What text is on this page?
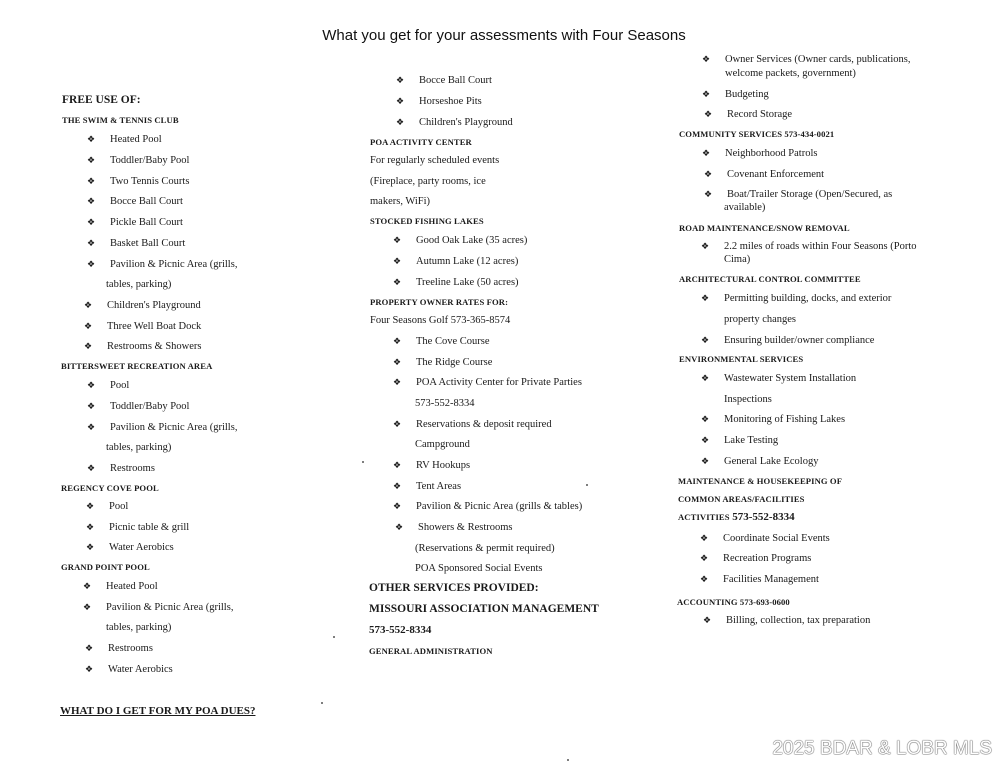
What you get for your assessments with Four Seasons
FREE USE OF:
THE SWIM & TENNIS CLUB
❖ Heated Pool
❖ Toddler/Baby Pool
❖ Two Tennis Courts
❖ Bocce Ball Court
❖ Pickle Ball Court
❖ Basket Ball Court
❖ Pavilion & Picnic Area (grills,
tables, parking)
❖ Children's Playground
❖ Three Well Boat Dock
❖ Restrooms & Showers
BITTERSWEET RECREATION AREA
❖ Pool
❖ Toddler/Baby Pool
❖ Pavilion & Picnic Area (grills,
tables, parking)
❖ Restrooms
REGENCY COVE POOL
❖ Pool
❖ Picnic table & grill
❖ Water Aerobics
GRAND POINT POOL
❖ Heated Pool
❖ Pavilion & Picnic Area (grills,
tables, parking)
❖ Restrooms
❖ Water Aerobics
WHAT DO I GET FOR MY POA DUES?
❖ Bocce Ball Court
❖ Horseshoe Pits
❖ Children's Playground
POA ACTIVITY CENTER
For regularly scheduled events
(Fireplace, party rooms, ice
makers, WiFi)
STOCKED FISHING LAKES
❖ Good Oak Lake (35 acres)
❖ Autumn Lake (12 acres)
❖ Treeline Lake (50 acres)
PROPERTY OWNER RATES FOR:
Four Seasons Golf 573-365-8574
❖ The Cove Course
❖ The Ridge Course
❖ POA Activity Center for Private Parties
573-552-8334
❖ Reservations & deposit required
Campground
❖ RV Hookups
❖ Tent Areas
❖ Pavilion & Picnic Area (grills & tables)
❖ Showers & Restrooms
(Reservations & permit required)
POA Sponsored Social Events
OTHER SERVICES PROVIDED:
MISSOURI ASSOCIATION MANAGEMENT
573-552-8334
GENERAL ADMINISTRATION
❖ Owner Services (Owner cards, publications,
welcome packets, government)
❖ Budgeting
❖ Record Storage
COMMUNITY SERVICES 573-434-0021
❖ Neighborhood Patrols
❖ Covenant Enforcement
❖ Boat/Trailer Storage (Open/Secured, as
available)
ROAD MAINTENANCE/SNOW REMOVAL
❖ 2.2 miles of roads within Four Seasons (Porto
Cima)
ARCHITECTURAL CONTROL COMMITTEE
❖ Permitting building, docks, and exterior
property changes
❖ Ensuring builder/owner compliance
ENVIRONMENTAL SERVICES
❖ Wastewater System Installation
Inspections
❖ Monitoring of Fishing Lakes
❖ Lake Testing
❖ General Lake Ecology
MAINTENANCE & HOUSEKEEPING OF
COMMON AREAS/FACILITIES
ACTIVITIES 573-552-8334
❖ Coordinate Social Events
❖ Recreation Programs
❖ Facilities Management
ACCOUNTING 573-693-0600
❖ Billing, collection, tax preparation
2025 BDAR & LOBR MLS
